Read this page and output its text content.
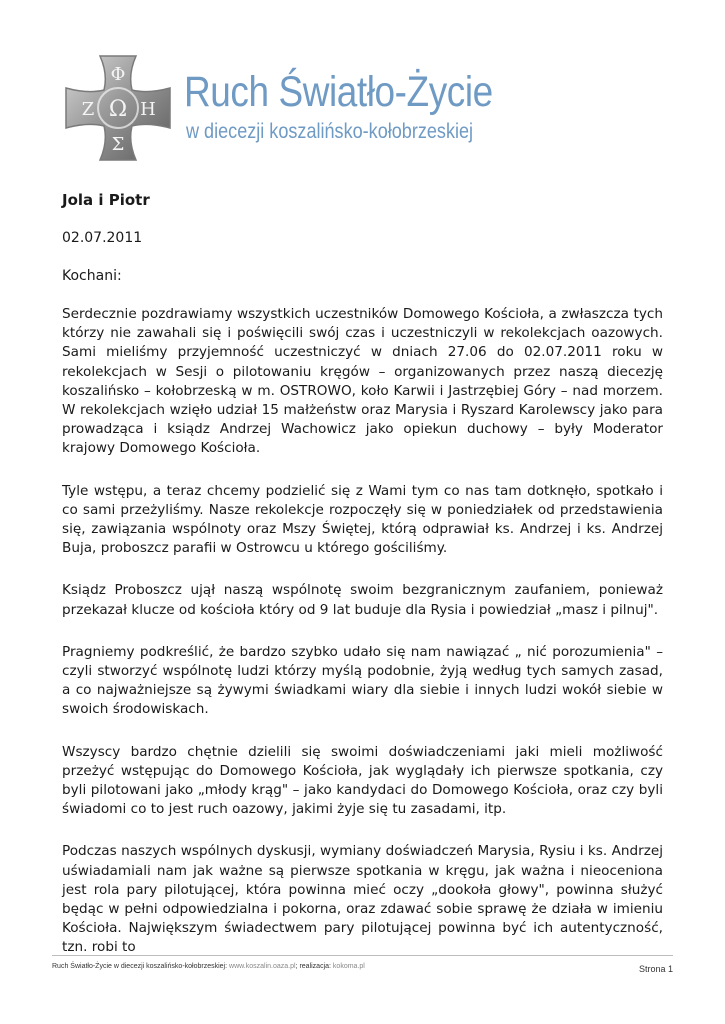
Φ
Ζ Ω Η
Σ
Ruch Światło-Życie
w diecezji koszalińsko-kołobrzeskiej

Jola i Piotr

02.07.2011

Kochani:

Serdecznie pozdrawiamy wszystkich uczestników Domowego Kościoła, a zwłaszcza tych którzy nie zawahali się i poświęcili swój czas i uczestniczyli w rekolekcjach oazowych. Sami mieliśmy przyjemność uczestniczyć w dniach 27.06 do 02.07.2011 roku w rekolekcjach w Sesji o pilotowaniu kręgów – organizowanych przez naszą diecezję koszalińsko – kołobrzeską w m. OSTROWO, koło Karwii i Jastrzębiej Góry – nad morzem. W rekolekcjach wzięło udział 15 małżeństw oraz Marysia i Ryszard Karolewscy jako para prowadząca i ksiądz Andrzej Wachowicz jako opiekun duchowy – były Moderator krajowy Domowego Kościoła.

Tyle wstępu, a teraz chcemy podzielić się z Wami tym co nas tam dotknęło, spotkało i co sami przeżyliśmy. Nasze rekolekcje rozpoczęły się w poniedziałek od przedstawienia się, zawiązania wspólnoty oraz Mszy Świętej, którą odprawiał ks. Andrzej i ks. Andrzej Buja, proboszcz parafii w Ostrowcu u którego gościliśmy.

Ksiądz Proboszcz ujął naszą wspólnotę swoim bezgranicznym zaufaniem, ponieważ przekazał klucze od kościoła który od 9 lat buduje dla Rysia i powiedział „masz i pilnuj".

Pragniemy podkreślić, że bardzo szybko udało się nam nawiązać „ nić porozumienia" – czyli stworzyć wspólnotę ludzi którzy myślą podobnie, żyją według tych samych zasad, a co najważniejsze są żywymi świadkami wiary dla siebie i innych ludzi wokół siebie w swoich środowiskach.

Wszyscy bardzo chętnie dzielili się swoimi doświadczeniami jaki mieli możliwość przeżyć wstępując do Domowego Kościoła, jak wyglądały ich pierwsze spotkania, czy byli pilotowani jako „młody krąg" – jako kandydaci do Domowego Kościoła, oraz czy byli świadomi co to jest ruch oazowy, jakimi żyje się tu zasadami, itp.

Podczas naszych wspólnych dyskusji, wymiany doświadczeń Marysia, Rysiu i ks. Andrzej uświadamiali nam jak ważne są pierwsze spotkania w kręgu, jak ważna i nieoceniona jest rola pary pilotującej, która powinna mieć oczy „dookoła głowy", powinna służyć będąc w pełni odpowiedzialna i pokorna, oraz zdawać sobie sprawę że działa w imieniu Kościoła. Największym świadectwem pary pilotującej powinna być ich autentyczność, tzn. robi to

Ruch Światło-Życie w diecezji koszalińsko-kołobrzeskiej: www.koszalin.oaza.pl; realizacja: kokoma.pl	Strona 1
